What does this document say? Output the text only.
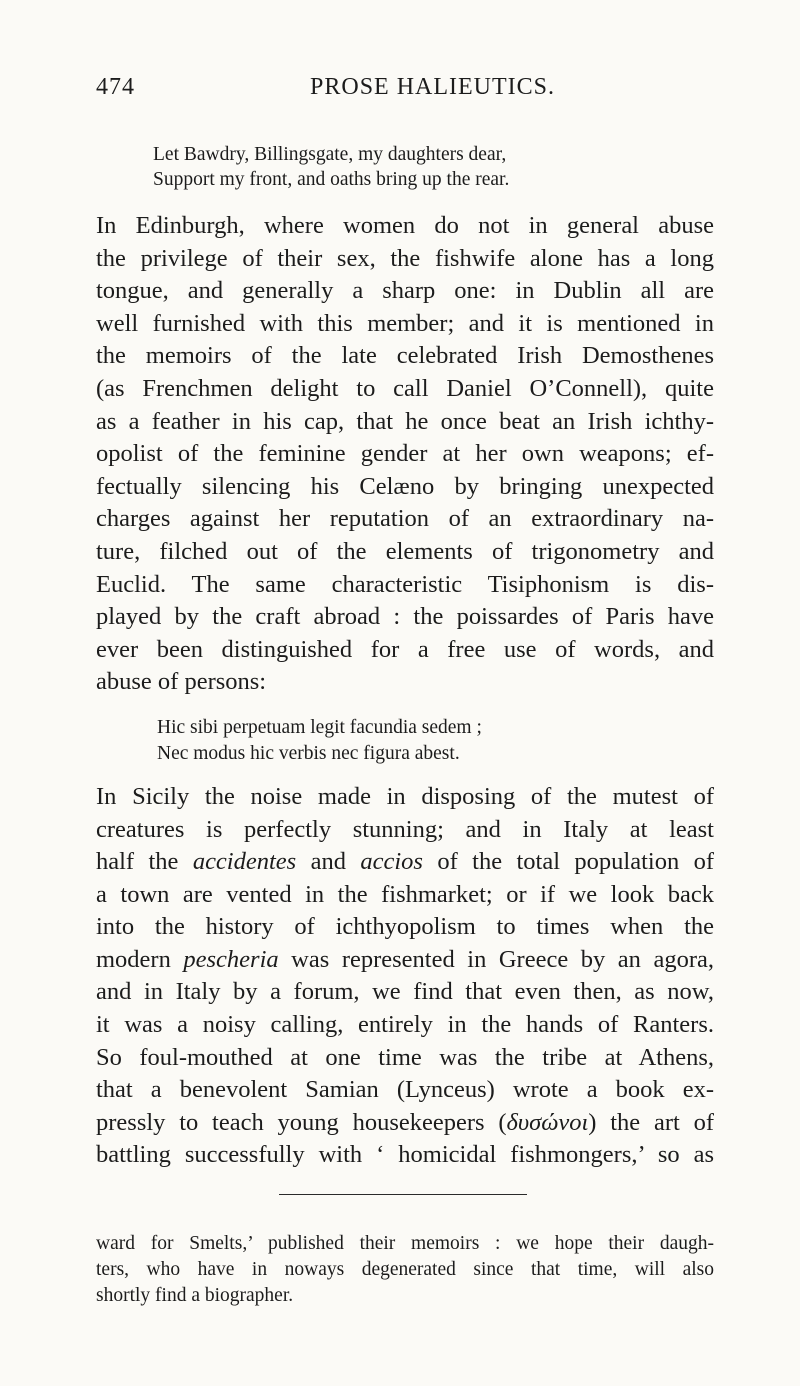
474	PROSE HALIEUTICS.
Let Bawdry, Billingsgate, my daughters dear,
Support my front, and oaths bring up the rear.

In Edinburgh, where women do not in general abuse
the privilege of their sex, the fishwife alone has a long
tongue, and generally a sharp one: in Dublin all are
well furnished with this member; and it is mentioned in
the memoirs of the late celebrated Irish Demosthenes
(as Frenchmen delight to call Daniel O’Connell), quite
as a feather in his cap, that he once beat an Irish ichthy-
opolist of the feminine gender at her own weapons; ef-
fectually silencing his Celæno by bringing unexpected
charges against her reputation of an extraordinary na-
ture, filched out of the elements of trigonometry and
Euclid. The same characteristic Tisiphonism is dis-
played by the craft abroad : the poissardes of Paris have
ever been distinguished for a free use of words, and
abuse of persons:

Hic sibi perpetuam legit facundia sedem ;
Nec modus hic verbis nec figura abest.

In Sicily the noise made in disposing of the mutest of
creatures is perfectly stunning; and in Italy at least
half the accidentes and accios of the total population of
a town are vented in the fishmarket; or if we look back
into the history of ichthyopolism to times when the
modern pescheria was represented in Greece by an agora,
and in Italy by a forum, we find that even then, as now,
it was a noisy calling, entirely in the hands of Ranters.
So foul-mouthed at one time was the tribe at Athens,
that a benevolent Samian (Lynceus) wrote a book ex-
pressly to teach young housekeepers (δυσώνοι) the art of
battling successfully with ‘ homicidal fishmongers,’ so as

ward for Smelts,’ published their memoirs : we hope their daugh-
ters, who have in noways degenerated since that time, will also
shortly find a biographer.
